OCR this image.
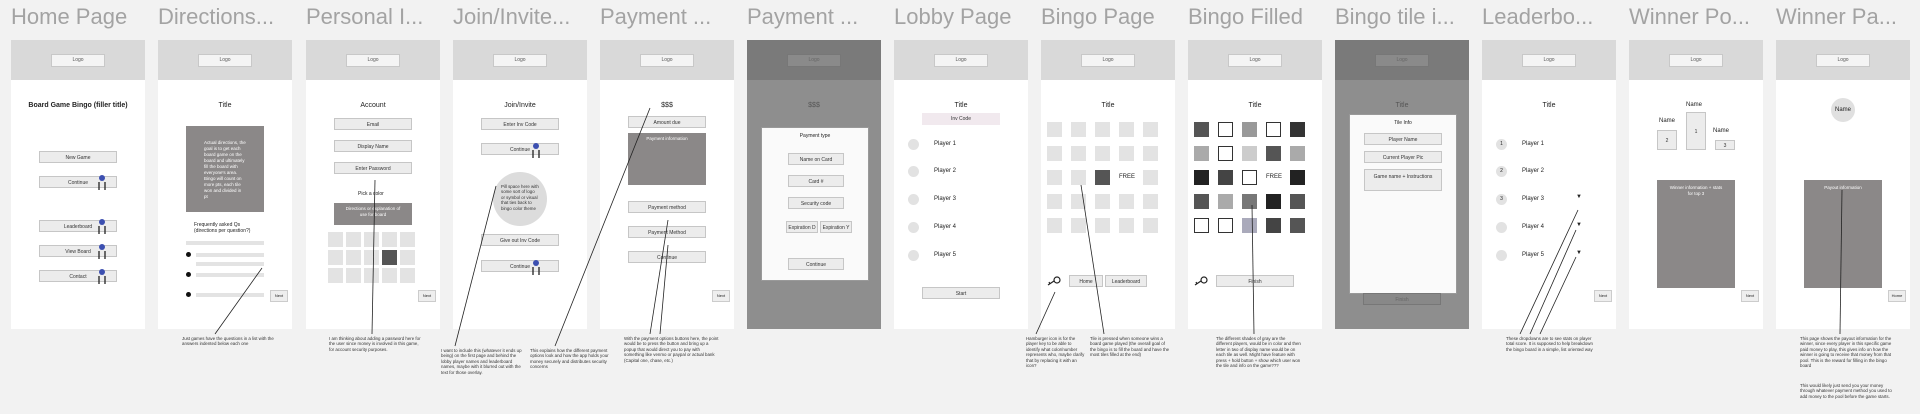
Home Page	Directions...	Personal I...	Join/Invite...	Payment ...	Payment ...	Lobby Page	Bingo Page	Bingo Filled	Bingo tile i...	Leaderbo...	Winner Po...	Winner Pa...
Logo
Board Game Bingo (filler title)
New Game
Continue
Leaderboard
View Board
Contact
Logo
Title
Actual directions, the goal is to get each board game on the board and ultimately fill the board with everyone's area. Bingo will count on more pts, each tile won and divided in pt
Frequently asked Qs (directions per question?)
Next
Logo
Account
Email
Display Name
Enter Password
Pick a color
Directions or explanation of use for board
Next
Logo
Join/Invite
Enter Inv Code
Continue
Pill space here with some sort of logo or symbol or visual that ties back to bingo color theme
Give out Inv Code
Continue
Logo
$$$
Amount due
Payment information
Payment method
Payment Method
Continue
Next
Logo
$$$
Payment type
Name on Card
Card #
Security code
Expiration D	Expiration Y
Continue
Logo
Title
Inv Code
Player 1
Player 2
Player 3
Player 4
Player 5
Start
Logo
Title
FREE
Home	Leaderboard
Logo
Title
FREE
Finish
Logo
Title
Tile Info
Player Name
Current Player Pic
Game name + Instructions
Finish
Logo
Title
1	Player 1
2	Player 2
3	Player 3
Player 4
Player 5
▼
▼
▼
Next
Logo
Name
Name
Name
2
1
3
Winner information + stats for top 3
Next
Logo
Name
Payout information
Home
Just games have the questions in a list with the answers indented below each one
I am thinking about adding a password here for the user since money is involved in this game, for account security purposes.	I want to include this (whatever it ends up being) on the first page and behind the lobby player names and leaderboard names, maybe with it blurred out with the text for those overlay.
This explains how the different payment options look and how the app holds your money securely and distributes security concerns
With the payment options buttons here, the point would be to press the button and bring up a popup that would direct you to pay with something like venmo or paypal or actual bank (Capital one, chase, etc.)
Hamburger icon is for the player key to be able to identify what color/number represents who, maybe clarify that by replacing it with an icon?
Tile is pressed when someone wins a board game played (the overall goal of the bingo is to fill the board and have the most tiles filled at the end)
The different shades of gray are the different players, would be in color and then letter in two of display name would be on each tile as well. Might have feature with press + hold button + show which user won the tile and info on the game???
These dropdowns are to see stats on player total score. It is supposed to help breakdown the bingo board in a simple, list oriented way
This page shows the payout information for the winner, since every player in this specific game paid money to play, this gives info on how the winner is going to receive that money from that pool. This is the reward for filling in the bingo board
This would likely just send you your money through whatever payment method you used to add money to the pool before the game starts.
